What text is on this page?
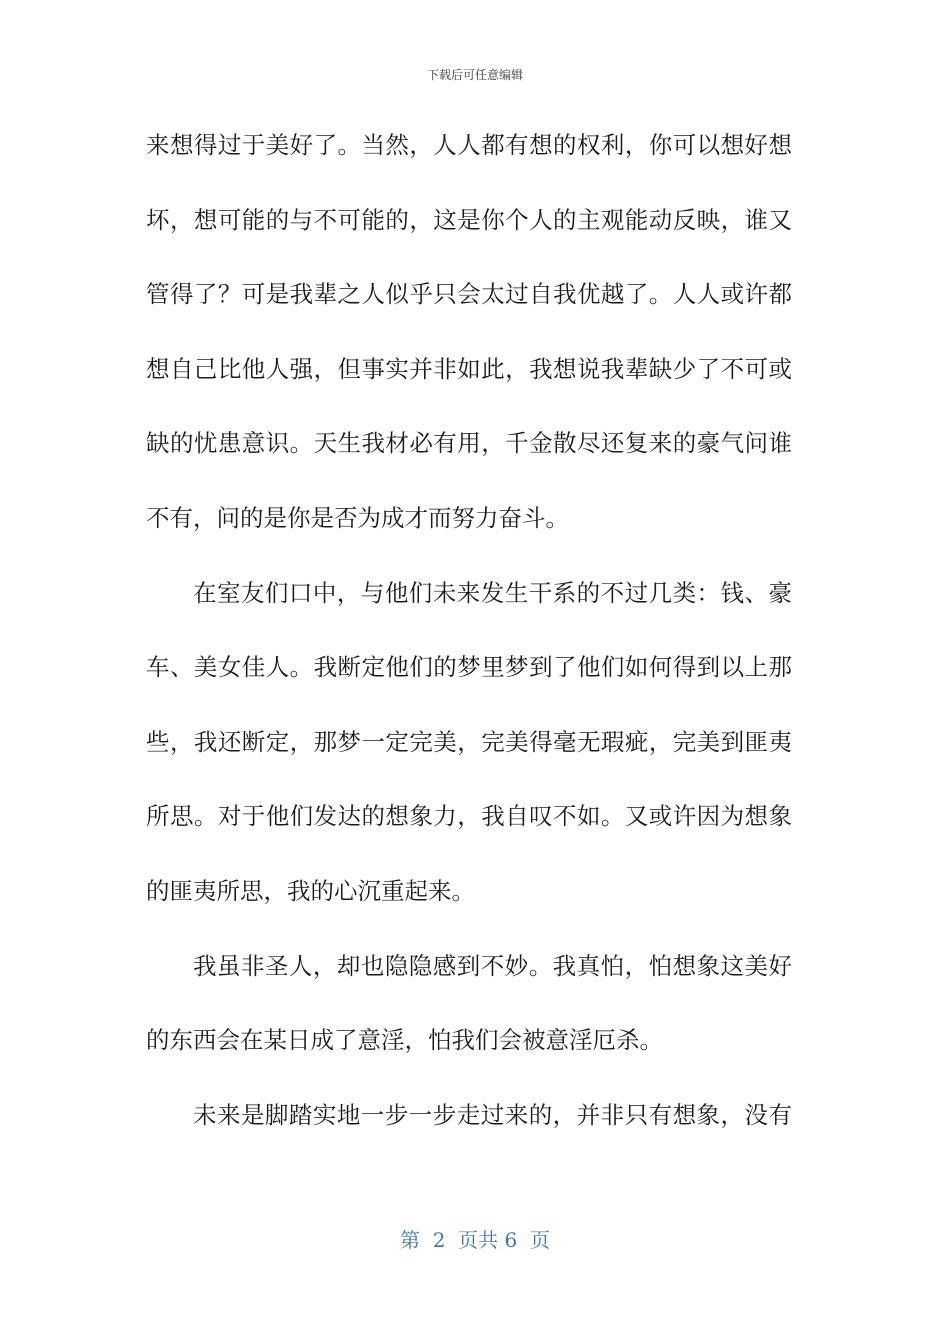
下载后可任意编辑
来想得过于美好了。当然，人人都有想的权利，你可以想好想
坏，想可能的与不可能的，这是你个人的主观能动反映，谁又
管得了？可是我辈之人似乎只会太过自我优越了。人人或许都
想自己比他人强，但事实并非如此，我想说我辈缺少了不可或
缺的忧患意识。天生我材必有用，千金散尽还复来的豪气问谁
不有，问的是你是否为成才而努力奋斗。
在室友们口中，与他们未来发生干系的不过几类：钱、豪
车、美女佳人。我断定他们的梦里梦到了他们如何得到以上那
些，我还断定，那梦一定完美，完美得毫无瑕疵，完美到匪夷
所思。对于他们发达的想象力，我自叹不如。又或许因为想象
的匪夷所思，我的心沉重起来。
我虽非圣人，却也隐隐感到不妙。我真怕，怕想象这美好
的东西会在某日成了意淫，怕我们会被意淫厄杀。
未来是脚踏实地一步一步走过来的，并非只有想象，没有
第  2  页共 6  页
